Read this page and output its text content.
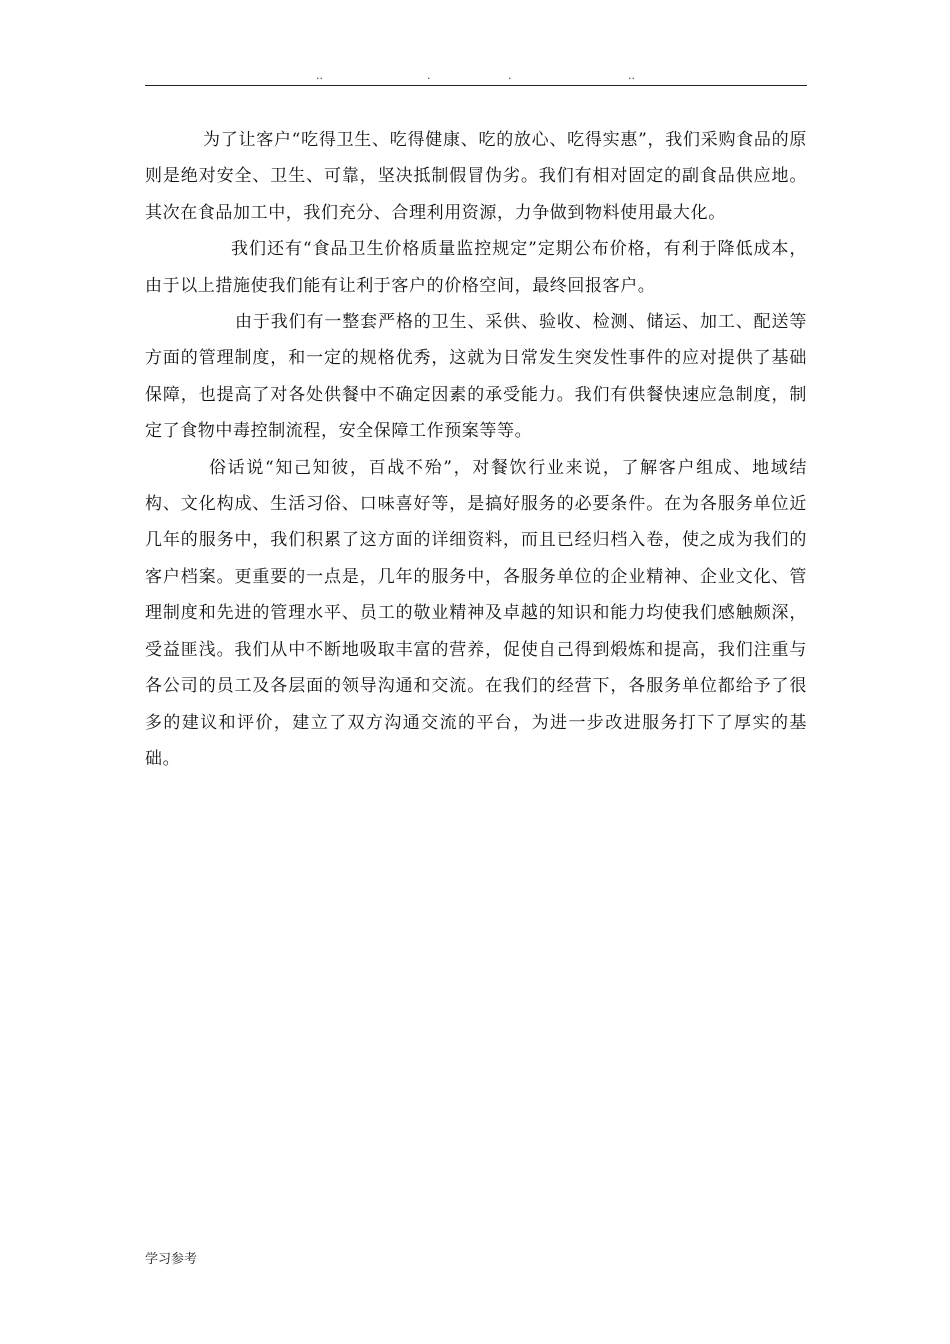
..	.	.	..

为了让客户“吃得卫生、吃得健康、吃的放心、吃得实惠”，我们采购食品的原则是绝对安全、卫生、可靠，坚决抵制假冒伪劣。我们有相对固定的副食品供应地。其次在食品加工中，我们充分、合理利用资源，力争做到物料使用最大化。

我们还有“食品卫生价格质量监控规定”定期公布价格，有利于降低成本，由于以上措施使我们能有让利于客户的价格空间，最终回报客户。

由于我们有一整套严格的卫生、采供、验收、检测、储运、加工、配送等方面的管理制度，和一定的规格优秀，这就为日常发生突发性事件的应对提供了基础保障，也提高了对各处供餐中不确定因素的承受能力。我们有供餐快速应急制度，制定了食物中毒控制流程，安全保障工作预案等等。

俗话说“知己知彼，百战不殆”，对餐饮行业来说，了解客户组成、地域结构、文化构成、生活习俗、口味喜好等，是搞好服务的必要条件。在为各服务单位近几年的服务中，我们积累了这方面的详细资料，而且已经归档入卷，使之成为我们的客户档案。更重要的一点是，几年的服务中，各服务单位的企业精神、企业文化、管理制度和先进的管理水平、员工的敬业精神及卓越的知识和能力均使我们感触颇深，受益匪浅。我们从中不断地吸取丰富的营养，促使自己得到煅炼和提高，我们注重与各公司的员工及各层面的领导沟通和交流。在我们的经营下，各服务单位都给予了很多的建议和评价，建立了双方沟通交流的平台，为进一步改进服务打下了厚实的基础。

学习参考
